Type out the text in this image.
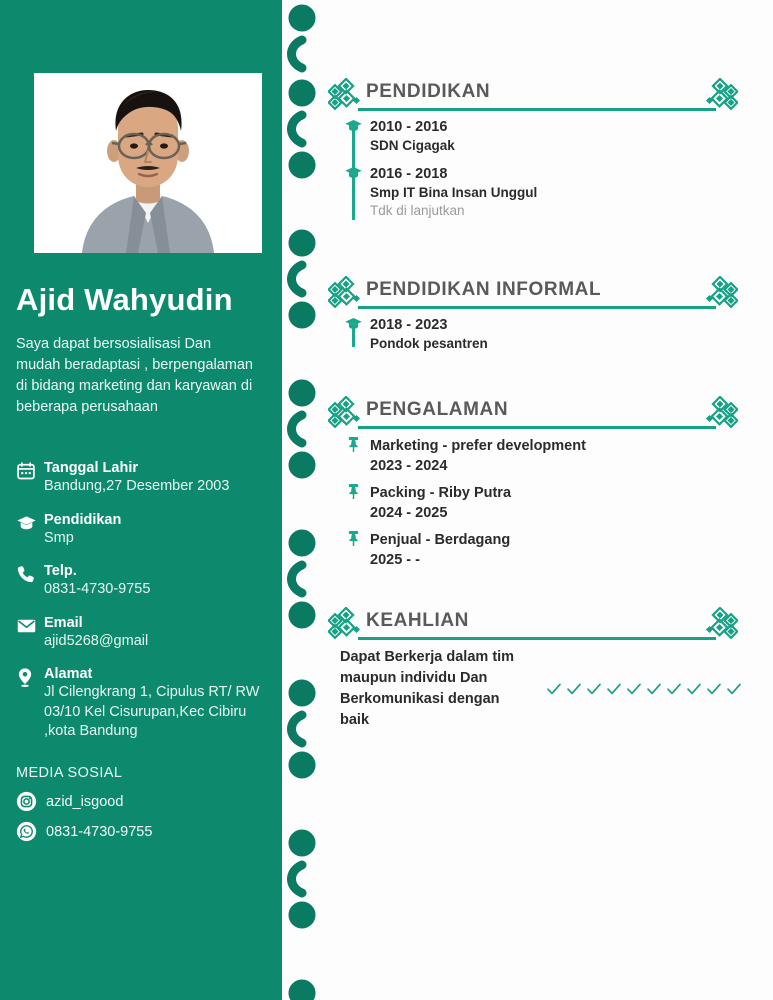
Ajid Wahyudin
Saya dapat bersosialisasi Dan mudah beradaptasi , berpengalaman di bidang marketing dan karyawan di beberapa perusahaan
Tanggal Lahir
Bandung,27 Desember 2003
Pendidikan
Smp
Telp.
0831-4730-9755
Email
ajid5268@gmail
Alamat
Jl Cilengkrang 1, Cipulus RT/ RW 03/10 Kel Cisurupan,Kec Cibiru ,kota Bandung
MEDIA SOSIAL
azid_isgood
0831-4730-9755
PENDIDIKAN
2010 - 2016
SDN Cigagak
2016 - 2018
Smp IT Bina Insan Unggul
Tdk di lanjutkan
PENDIDIKAN INFORMAL
2018 - 2023
Pondok pesantren
PENGALAMAN
Marketing - prefer development
2023 - 2024
Packing - Riby Putra
2024 - 2025
Penjual - Berdagang
2025 - -
KEAHLIAN
Dapat Berkerja dalam tim maupun individu Dan Berkomunikasi dengan baik
